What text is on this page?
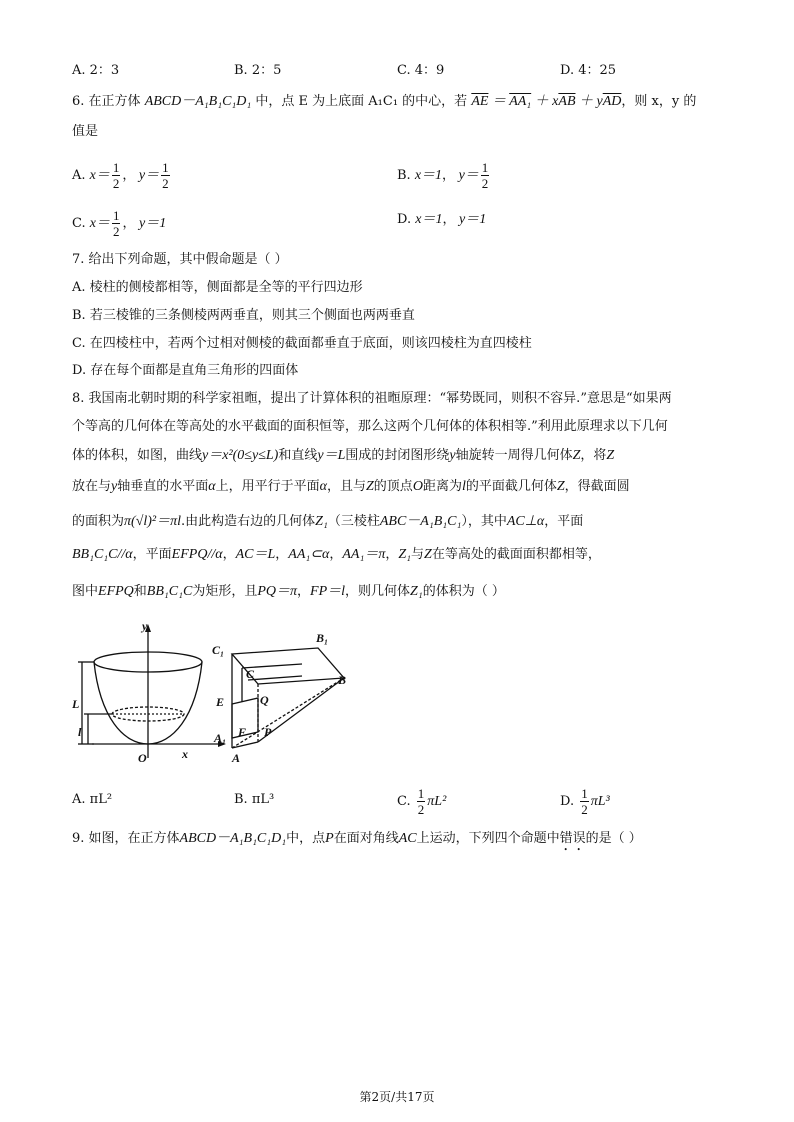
A. 2：3	B. 2：5	C. 4：9	D. 4：25
6. 在正方体 ABCD－A₁B₁C₁D₁ 中，点 E 为上底面 A₁C₁ 的中心，若 $\overline{AE} = AA_1 + x\overline{AB} + y\overline{AD}$，则 x，y 的
值是
A. $x= \frac{1}{2}$ ， $y= \frac{1}{2}$	B. x＝1， $y= \frac{1}{2}$
C. $x= \frac{1}{2}$ ， y＝1	D. x＝1， y＝1
7. 给出下列命题，其中假命题是（ ）
A. 棱柱的侧棱都相等，侧面都是全等的平行四边形
B. 若三棱锥的三条侧棱两两垂直，则其三个侧面也两两垂直
C. 在四棱柱中，若两个过相对侧棱的截面都垂直于底面，则该四棱柱为直四棱柱
D. 存在每个面都是直角三角形的四面体
8. 我国南北朝时期的科学家祖暅，提出了计算体积的祖暅原理：“幂势既同，则积不容异.”意思是“如果两
个等高的几何体在等高处的水平截面的面积恒等，那么这两个几何体的体积相等.”利用此原理求以下几何
体的体积，如图，曲线y＝x²(0≤y≤L)和直线y＝L围成的封闭图形绕y轴旋转一周得几何体Z，将Z
放在与y轴垂直的水平面α上，用平行于平面α，且与Z的顶点O距离为l的平面截几何体Z，得截面圆
的面积为π(√l)²＝πl.由此构造右边的几何体Z₁（三棱柱ABC－A₁B₁C₁），其中AC⊥α，平面
BB₁C₁C//α，平面EFPQ//α，AC＝L，AA₁⊂α，AA₁＝π，Z₁与Z在等高处的截面面积都相等，
图中EFPQ和BB₁C₁C为矩形，且PQ＝π，FP＝l，则几何体Z₁的体积为（ ）
y
L
l
O	x
C₁
B₁
B
C
E	Q
A₁ F P
A
A. πL²	B. πL³	C. $\frac{1}{2} \pi L^2$	D. $\frac{1}{2} \pi L^3$
9. 如图，在正方体ABCD－A₁B₁C₁D₁中，点P在面对角线AC上运动，下列四个命题中错误的是（ ）
第2页/共17页
